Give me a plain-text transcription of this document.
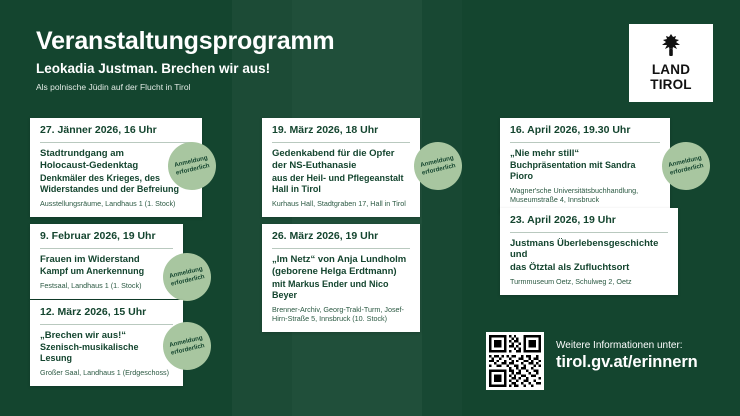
Veranstaltungsprogramm
Leokadia Justman. Brechen wir aus!
Als polnische Jüdin auf der Flucht in Tirol
LAND
TIROL
27. Jänner 2026, 16 Uhr
Stadtrundgang am
Holocaust-Gedenktag
Denkmäler des Krieges, des Widerstandes und der Befreiung
Ausstellungsräume, Landhaus 1 (1. Stock)
Anmeldung erforderlich
9. Februar 2026, 19 Uhr
Frauen im Widerstand
Kampf um Anerkennung
Festsaal, Landhaus 1 (1. Stock)
Anmeldung erforderlich
12. März 2026, 15 Uhr
„Brechen wir aus!“
Szenisch-musikalische Lesung
Großer Saal, Landhaus 1 (Erdgeschoss)
Anmeldung erforderlich
19. März 2026, 18 Uhr
Gedenkabend für die Opfer
der NS-Euthanasie
aus der Heil- und Pflegeanstalt Hall in Tirol
Kurhaus Hall, Stadtgraben 17, Hall in Tirol
Anmeldung erforderlich
26. März 2026, 19 Uhr
„Im Netz“ von Anja Lundholm
(geborene Helga Erdtmann)
mit Markus Ender und Nico Beyer
Brenner-Archiv, Georg-Trakl-Turm, Josef-Hirn-Straße 5, Innsbruck (10. Stock)
16. April 2026, 19.30 Uhr
„Nie mehr still“
Buchpräsentation mit Sandra Pioro
Wagner'sche Universitätsbuchhandlung, Museumstraße 4, Innsbruck
Anmeldung erforderlich
23. April 2026, 19 Uhr
Justmans Überlebensgeschichte und
das Ötztal als Zufluchtsort
Turmmuseum Oetz, Schulweg 2, Oetz
Weitere Informationen unter:
tirol.gv.at/erinnern
